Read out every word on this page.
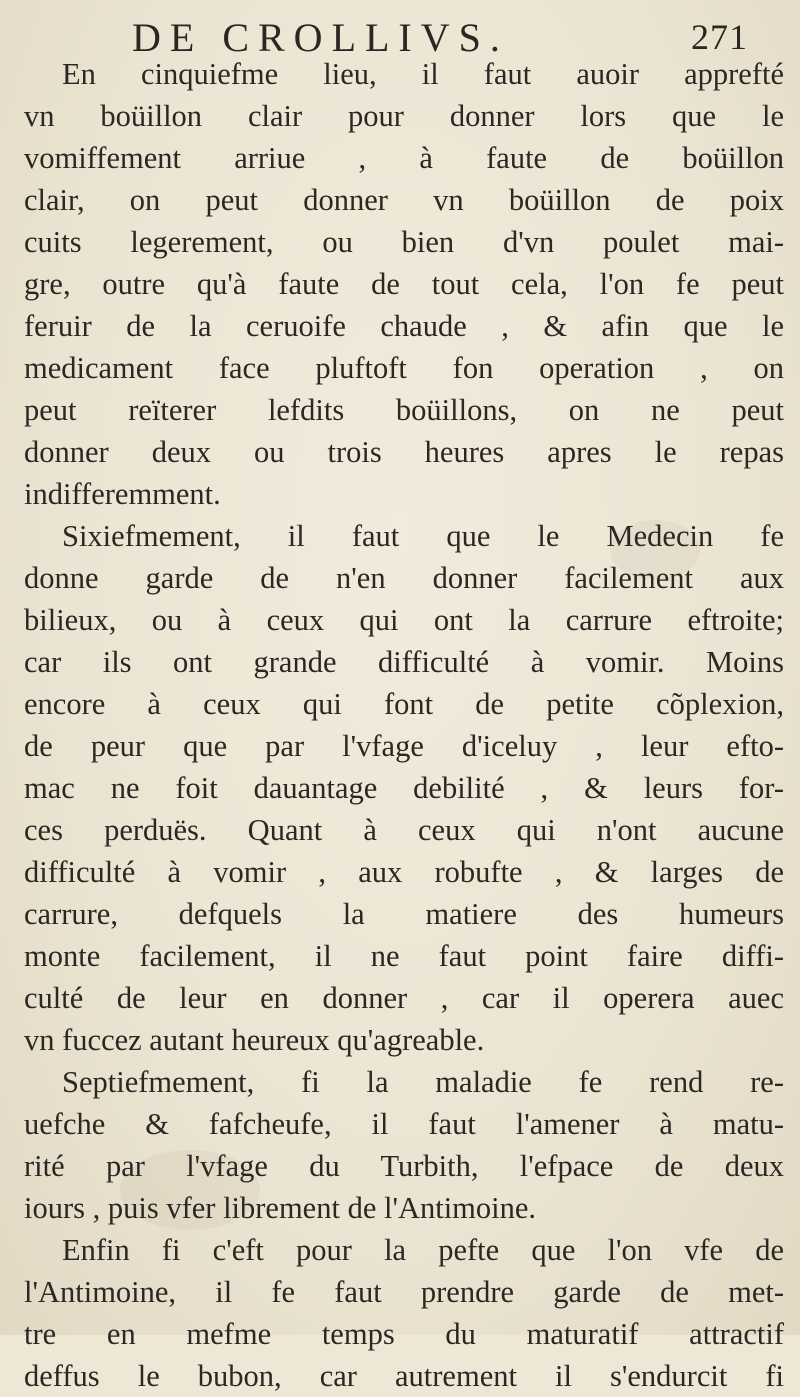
DE CROLLIVS.	271
En cinquiefme lieu, il faut auoir apprefté
vn boüillon clair pour donner lors que le
vomiffement arriue , à faute de boüillon
clair, on peut donner vn boüillon de poix
cuits legerement, ou bien d'vn poulet mai-
gre, outre qu'à faute de tout cela, l'on fe peut
feruir de la ceruoife chaude , & afin que le
medicament face pluftoft fon operation , on
peut reïterer lefdits boüillons, on ne peut
donner deux ou trois heures apres le repas
indifferemment.
Sixiefmement, il faut que le Medecin fe
donne garde de n'en donner facilement aux
bilieux, ou à ceux qui ont la carrure eftroite;
car ils ont grande difficulté à vomir. Moins
encore à ceux qui font de petite cõplexion,
de peur que par l'vfage d'iceluy , leur efto-
mac ne foit dauantage debilité , & leurs for-
ces perduës. Quant à ceux qui n'ont aucune
difficulté à vomir , aux robufte , & larges de
carrure, defquels la matiere des humeurs
monte facilement, il ne faut point faire diffi-
culté de leur en donner , car il operera auec
vn fuccez autant heureux qu'agreable.
Septiefmement, fi la maladie fe rend re-
uefche & fafcheufe, il faut l'amener à matu-
rité par l'vfage du Turbith, l'efpace de deux
iours , puis vfer librement de l'Antimoine.
Enfin fi c'eft pour la pefte que l'on vfe de
l'Antimoine, il fe faut prendre garde de met-
tre en mefme temps du maturatif attractif
deffus le bubon, car autrement il s'endurcit fi
